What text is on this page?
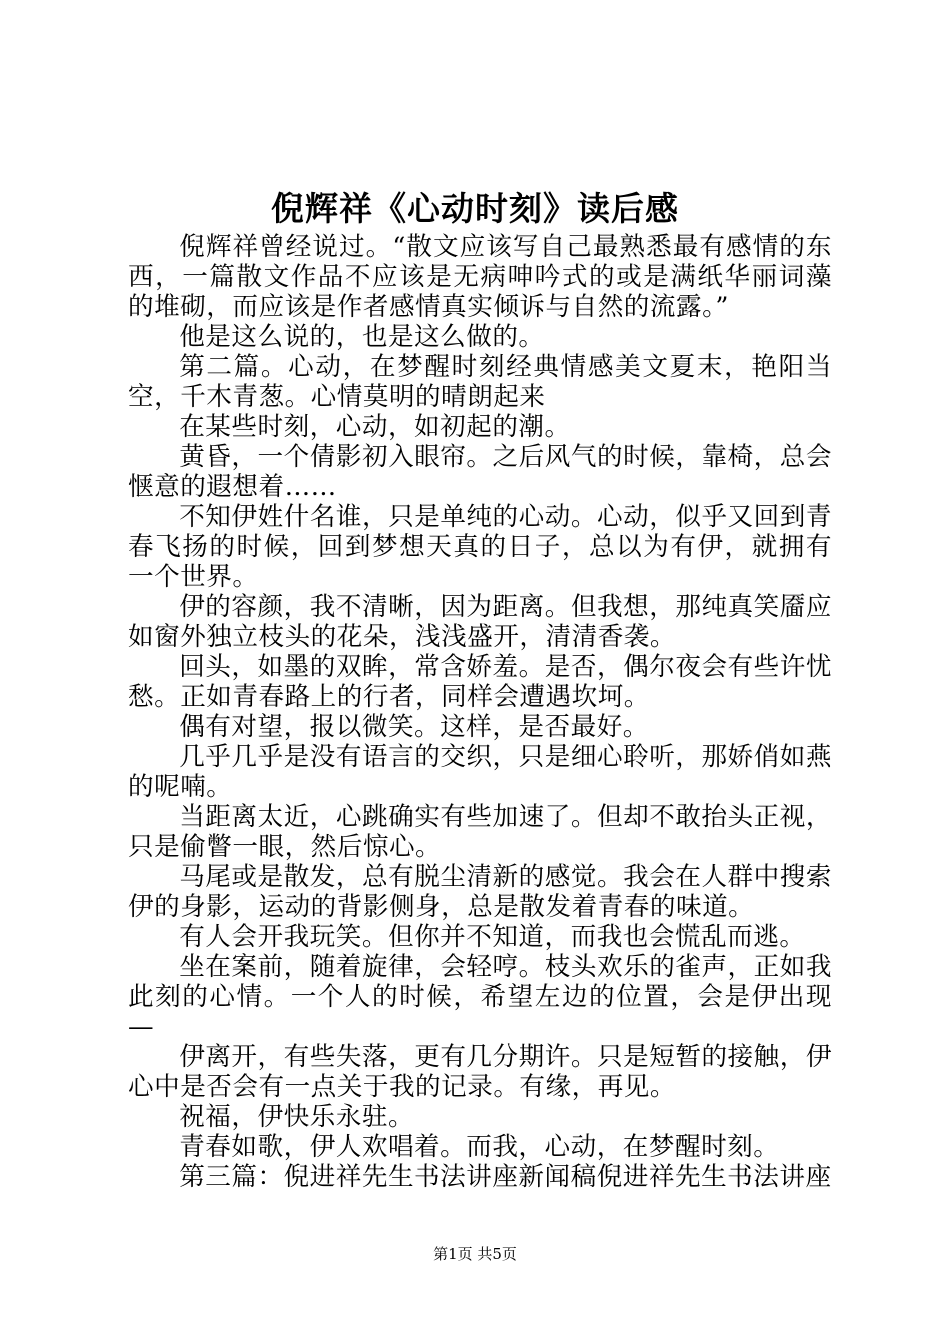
倪辉祥《心动时刻》读后感

倪辉祥曾经说过。“散文应该写自己最熟悉最有感情的东西，一篇散文作品不应该是无病呻吟式的或是满纸华丽词藻的堆砌，而应该是作者感情真实倾诉与自然的流露。”

他是这么说的，也是这么做的。

第二篇。心动，在梦醒时刻经典情感美文夏末，艳阳当空，千木青葱。心情莫明的晴朗起来

在某些时刻，心动，如初起的潮。

黄昏，一个倩影初入眼帘。之后风气的时候，靠椅，总会惬意的遐想着……

不知伊姓什名谁，只是单纯的心动。心动，似乎又回到青春飞扬的时候，回到梦想天真的日子，总以为有伊，就拥有一个世界。

伊的容颜，我不清晰，因为距离。但我想，那纯真笑靥应如窗外独立枝头的花朵，浅浅盛开，清清香袭。

回头，如墨的双眸，常含娇羞。是否，偶尔夜会有些许忧愁。正如青春路上的行者，同样会遭遇坎坷。

偶有对望，报以微笑。这样，是否最好。

几乎几乎是没有语言的交织，只是细心聆听，那娇俏如燕的呢喃。

当距离太近，心跳确实有些加速了。但却不敢抬头正视，只是偷瞥一眼，然后惊心。

马尾或是散发，总有脱尘清新的感觉。我会在人群中搜索伊的身影，运动的背影侧身，总是散发着青春的味道。

有人会开我玩笑。但你并不知道，而我也会慌乱而逃。

坐在案前，随着旋律，会轻哼。枝头欢乐的雀声，正如我此刻的心情。一个人的时候，希望左边的位置，会是伊出现—

伊离开，有些失落，更有几分期许。只是短暂的接触，伊心中是否会有一点关于我的记录。有缘，再见。

祝福，伊快乐永驻。

青春如歌，伊人欢唱着。而我，心动，在梦醒时刻。

第三篇：倪进祥先生书法讲座新闻稿倪进祥先生书法讲座

第1页 共5页
